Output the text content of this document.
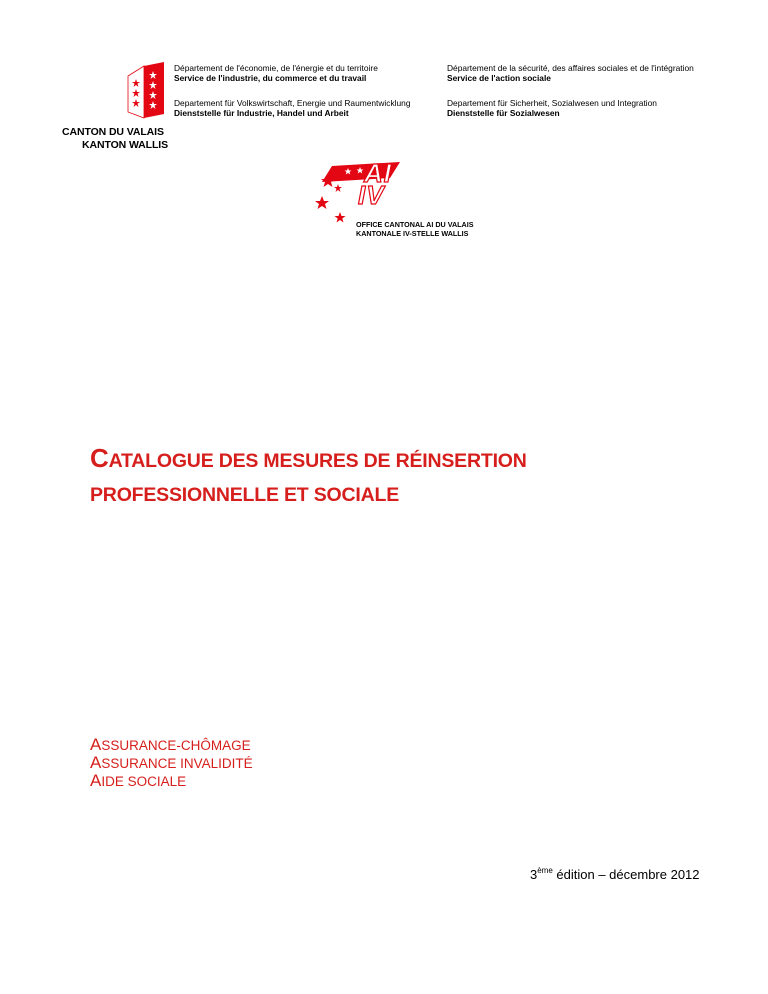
CANTON DU VALAIS
KANTON WALLIS
Département de l'économie, de l'énergie et du territoire
Service de l'industrie, du commerce et du travail
Departement für Volkswirtschaft, Energie und Raumentwicklung
Dienststelle für Industrie, Handel und Arbeit
Département de la sécurité, des affaires sociales et de l'intégration
Service de l'action sociale
Departement für Sicherheit, Sozialwesen und Integration
Dienststelle für Sozialwesen
AI
IV
OFFICE CANTONAL AI DU VALAIS
KANTONALE IV-STELLE WALLIS
CATALOGUE DES MESURES DE RÉINSERTION
PROFESSIONNELLE ET SOCIALE
ASSURANCE-CHÔMAGE
ASSURANCE INVALIDITÉ
AIDE SOCIALE
3ème édition – décembre 2012
